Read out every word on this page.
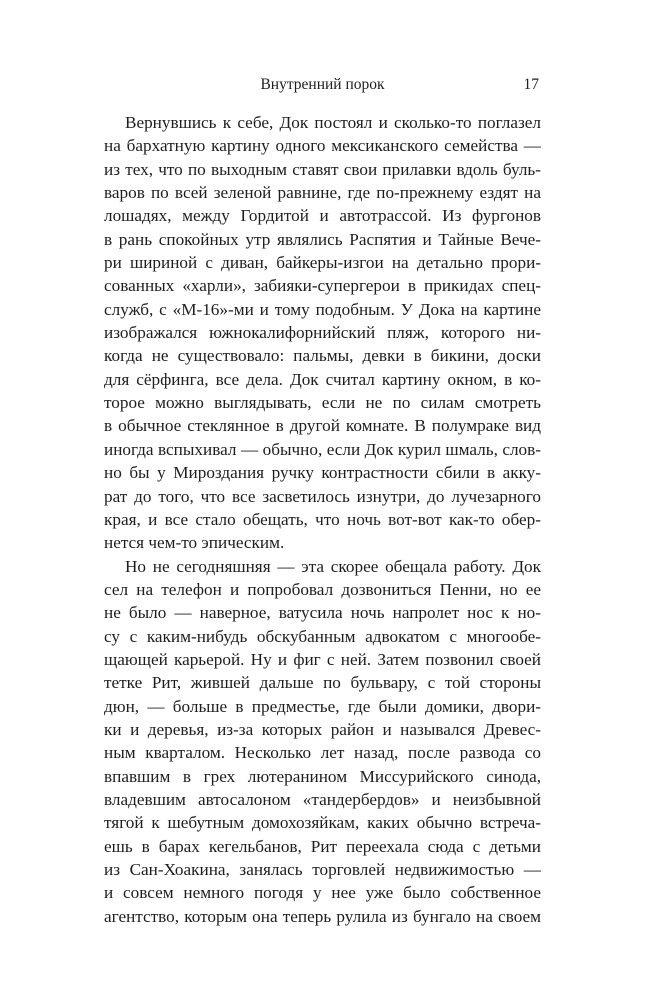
Внутренний порок	17
Вернувшись к себе, Док постоял и сколько-то поглазел
на бархатную картину одного мексиканского семейства —
из тех, что по выходным ставят свои прилавки вдоль буль-
варов по всей зеленой равнине, где по-прежнему ездят на
лошадях, между Гордитой и автотрассой. Из фургонов
в рань спокойных утр являлись Распятия и Тайные Вече-
ри шириной с диван, байкеры-изгои на детально прори-
сованных «харли», забияки-супергерои в прикидах спец-
служб, с «М-16»-ми и тому подобным. У Дока на картине
изображался южнокалифорнийский пляж, которого ни-
когда не существовало: пальмы, девки в бикини, доски
для сёрфинга, все дела. Док считал картину окном, в ко-
торое можно выглядывать, если не по силам смотреть
в обычное стеклянное в другой комнате. В полумраке вид
иногда вспыхивал — обычно, если Док курил шмаль, слов-
но бы у Мироздания ручку контрастности сбили в акку-
рат до того, что все засветилось изнутри, до лучезарного
края, и все стало обещать, что ночь вот-вот как-то обер-
нется чем-то эпическим.
Но не сегодняшняя — эта скорее обещала работу. Док
сел на телефон и попробовал дозвониться Пенни, но ее
не было — наверное, ватусила ночь напролет нос к но-
су с каким-нибудь обскубанным адвокатом с многообе-
щающей карьерой. Ну и фиг с ней. Затем позвонил своей
тетке Рит, жившей дальше по бульвару, с той стороны
дюн, — больше в предместье, где были домики, двори-
ки и деревья, из-за которых район и назывался Древес-
ным кварталом. Несколько лет назад, после развода со
впавшим в грех лютеранином Миссурийского синода,
владевшим автосалоном «тандербердов» и неизбывной
тягой к шебутным домохозяйкам, каких обычно встреча-
ешь в барах кегельбанов, Рит переехала сюда с детьми
из Сан-Хоакина, занялась торговлей недвижимостью —
и совсем немного погодя у нее уже было собственное
агентство, которым она теперь рулила из бунгало на своем
